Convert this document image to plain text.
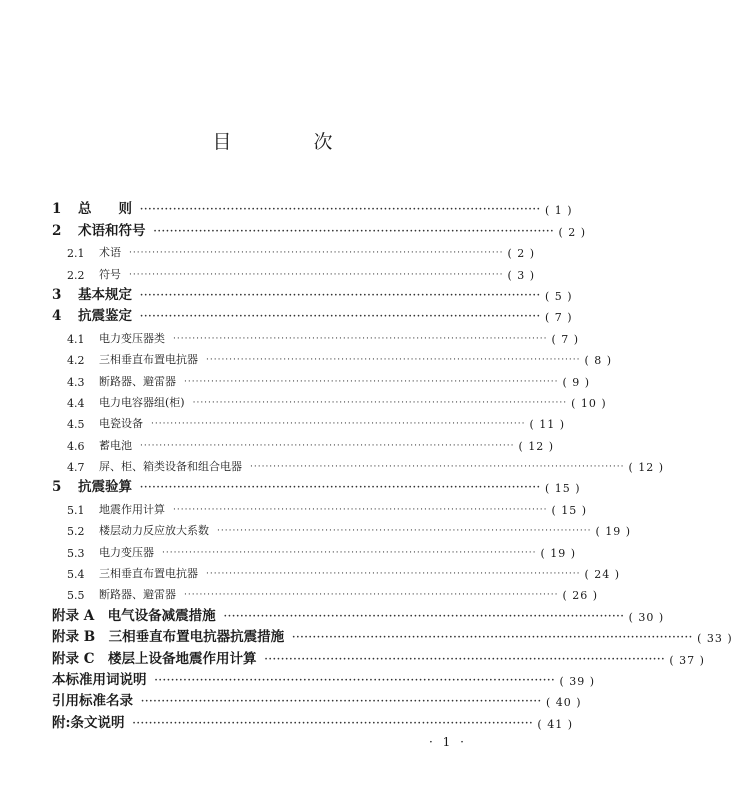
目 次
1	总　　则 ································································································· ( 1 )
2	术语和符号 ································································································· ( 2 )
2.1	术语 ································································································· ( 2 )
2.2	符号 ································································································· ( 3 )
3	基本规定 ································································································· ( 5 )
4	抗震鉴定 ································································································· ( 7 )
4.1	电力变压器类 ································································································· ( 7 )
4.2	三相垂直布置电抗器 ································································································· ( 8 )
4.3	断路器、避雷器 ································································································· ( 9 )
4.4	电力电容器组(柜) ································································································· ( 10 )
4.5	电瓷设备 ································································································· ( 11 )
4.6	蓄电池 ································································································· ( 12 )
4.7	屏、柜、箱类设备和组合电器 ································································································· ( 12 )
5	抗震验算 ································································································· ( 15 )
5.1	地震作用计算 ································································································· ( 15 )
5.2	楼层动力反应放大系数 ································································································· ( 19 )
5.3	电力变压器 ································································································· ( 19 )
5.4	三相垂直布置电抗器 ································································································· ( 24 )
5.5	断路器、避雷器 ································································································· ( 26 )
附录 A　电气设备减震措施 ································································································· ( 30 )
附录 B　三相垂直布置电抗器抗震措施 ································································································· ( 33 )
附录 C　楼层上设备地震作用计算 ································································································· ( 37 )
本标准用词说明 ································································································· ( 39 )
引用标准名录 ································································································· ( 40 )
附:条文说明 ································································································· ( 41 )
· 1 ·
